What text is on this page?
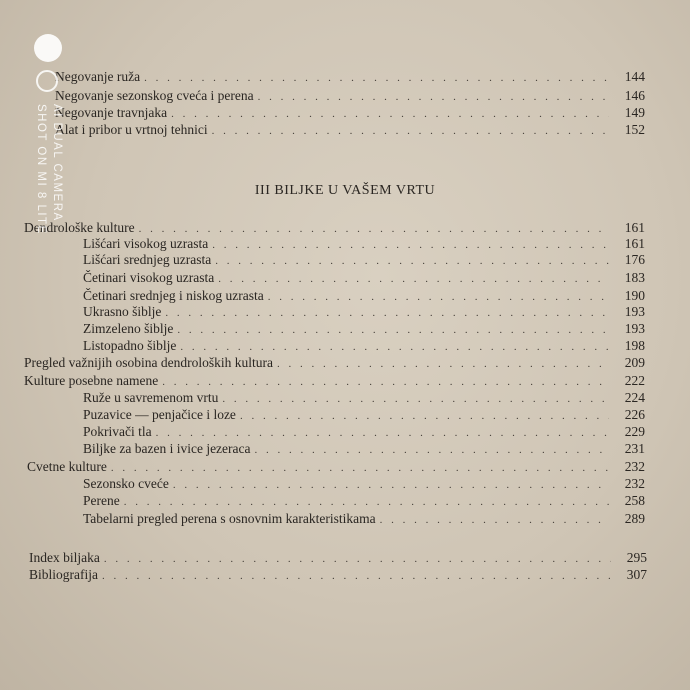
Negovanje ruža . . .	144
Negovanje sezonskog cveća i perena . . .	146
Negovanje travnjaka . . .	149
Alat i pribor u vrtnoj tehnici . . .	152
III BILJKE U VAŠEM VRTU
Dendrološke kulture . . .	161
Lišćari visokog uzrasta . . .	161
Lišćari srednjeg uzrasta . . .	176
Četinari visokog uzrasta . . .	183
Četinari srednjeg i niskog uzrasta . . .	190
Ukrasno šiblje . . .	193
Zimzeleno šiblje . . .	193
Listopadno šiblje . . .	198
Pregled važnijih osobina dendroloških kultura . . .	209
Kulture posebne namene . . .	222
Ruže u savremenom vrtu . . .	224
Puzavice — penjačice i loze . . .	226
Pokrivači tla . . .	229
Biljke za bazen i ivice jezeraca . . .	231
Cvetne kulture . . .	232
Sezonsko cveće . . .	232
Perene . . .	258
Tabelarni pregled perena s osnovnim karakteristikama . . .	289
Index biljaka . . .	295
Bibliografija . . .	307
SHOT ON MI 8 LITE AI DUAL CAMERA
